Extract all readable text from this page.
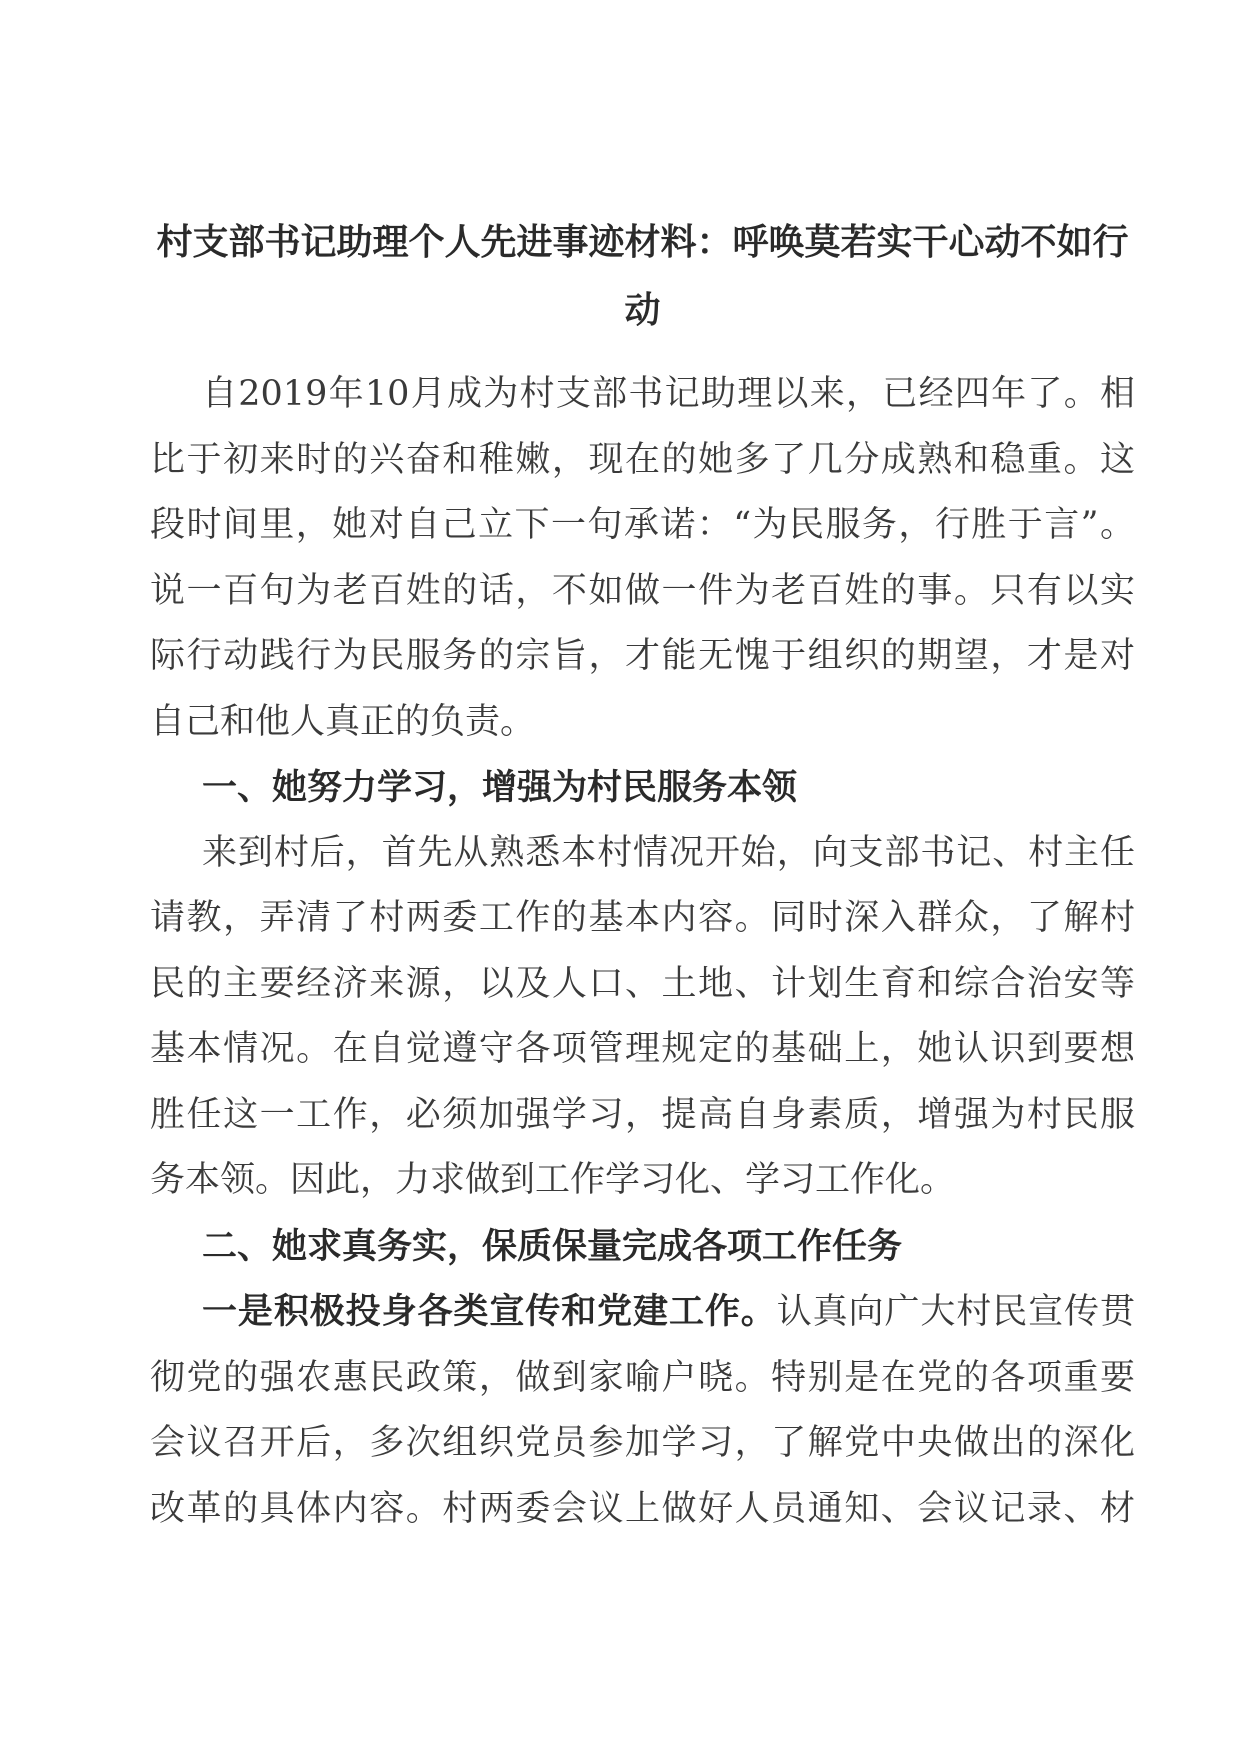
村支部书记助理个人先进事迹材料：呼唤莫若实干心动不如行
动
自2019年10月成为村支部书记助理以来，已经四年了。相
比于初来时的兴奋和稚嫩，现在的她多了几分成熟和稳重。这
段时间里，她对自己立下一句承诺：“为民服务，行胜于言”。
说一百句为老百姓的话，不如做一件为老百姓的事。只有以实
际行动践行为民服务的宗旨，才能无愧于组织的期望，才是对
自己和他人真正的负责。
一、她努力学习，增强为村民服务本领
来到村后，首先从熟悉本村情况开始，向支部书记、村主任
请教，弄清了村两委工作的基本内容。同时深入群众，了解村
民的主要经济来源，以及人口、土地、计划生育和综合治安等
基本情况。在自觉遵守各项管理规定的基础上，她认识到要想
胜任这一工作，必须加强学习，提高自身素质，增强为村民服
务本领。因此，力求做到工作学习化、学习工作化。
二、她求真务实，保质保量完成各项工作任务
一是积极投身各类宣传和党建工作。认真向广大村民宣传贯
彻党的强农惠民政策，做到家喻户晓。特别是在党的各项重要
会议召开后，多次组织党员参加学习，了解党中央做出的深化
改革的具体内容。村两委会议上做好人员通知、会议记录、材
